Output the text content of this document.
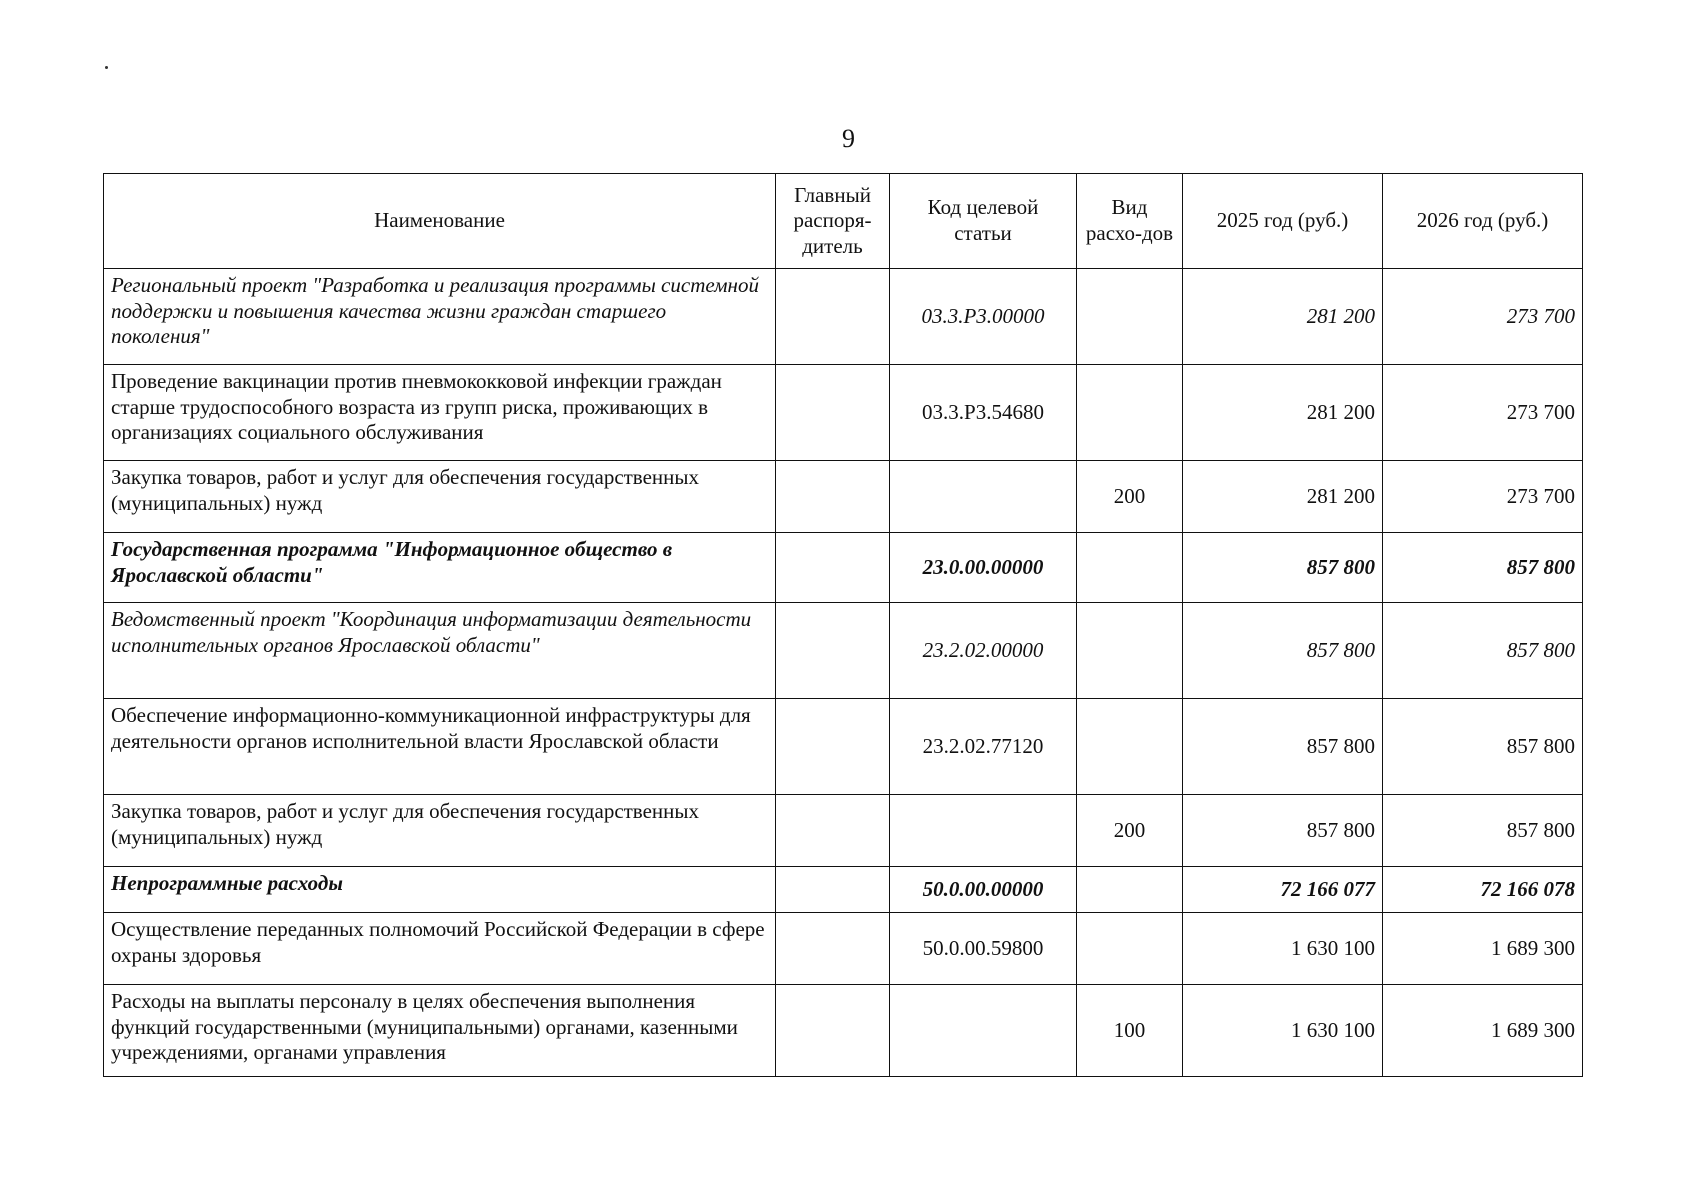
9
Наименование	Главный распоря-дитель	Код целевой статьи	Вид расхо-дов	2025 год (руб.)	2026 год (руб.)
Региональный проект "Разработка и реализация программы системной поддержки и повышения качества жизни граждан старшего поколения"		03.3.Р3.00000		281 200	273 700
Проведение вакцинации против пневмококковой инфекции граждан старше трудоспособного возраста из групп риска, проживающих в организациях социального обслуживания		03.3.Р3.54680		281 200	273 700
Закупка товаров, работ и услуг для обеспечения государственных (муниципальных) нужд			200	281 200	273 700
Государственная программа "Информационное общество в Ярославской области"		23.0.00.00000		857 800	857 800
Ведомственный проект "Координация информатизации деятельности исполнительных органов Ярославской области"		23.2.02.00000		857 800	857 800
Обеспечение информационно-коммуникационной инфраструктуры для деятельности органов исполнительной власти Ярославской области		23.2.02.77120		857 800	857 800
Закупка товаров, работ и услуг для обеспечения государственных (муниципальных) нужд			200	857 800	857 800
Непрограммные расходы		50.0.00.00000		72 166 077	72 166 078
Осуществление переданных полномочий Российской Федерации в сфере охраны здоровья		50.0.00.59800		1 630 100	1 689 300
Расходы на выплаты персоналу в целях обеспечения выполнения функций государственными (муниципальными) органами, казенными учреждениями, органами управления			100	1 630 100	1 689 300
